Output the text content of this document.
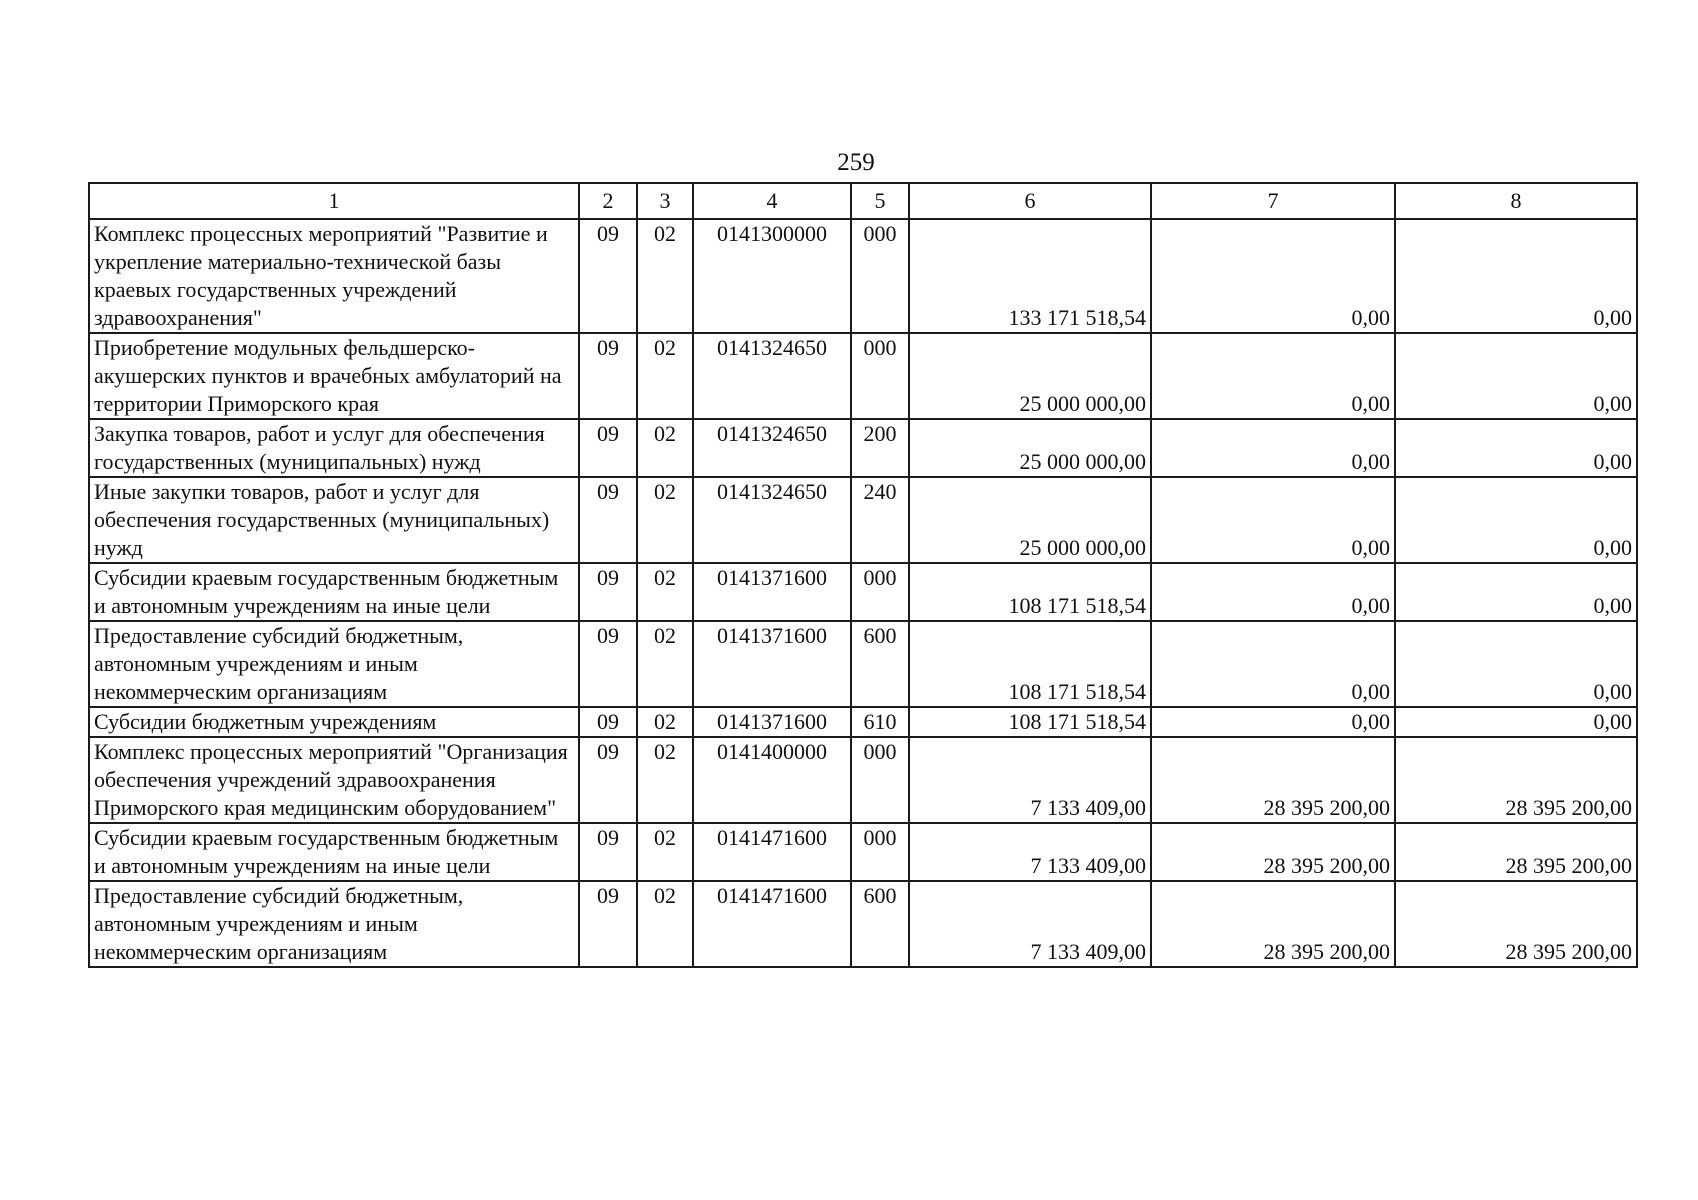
259
1	2	3	4	5	6	7	8
Комплекс процессных мероприятий "Развитие и укрепление материально-технической базы краевых государственных учреждений здравоохранения"	09	02	0141300000	000	133 171 518,54	0,00	0,00
Приобретение модульных фельдшерско-акушерских пунктов и врачебных амбулаторий на территории Приморского края	09	02	0141324650	000	25 000 000,00	0,00	0,00
Закупка товаров, работ и услуг для обеспечения государственных (муниципальных) нужд	09	02	0141324650	200	25 000 000,00	0,00	0,00
Иные закупки товаров, работ и услуг для обеспечения государственных (муниципальных) нужд	09	02	0141324650	240	25 000 000,00	0,00	0,00
Субсидии краевым государственным бюджетным и автономным учреждениям на иные цели	09	02	0141371600	000	108 171 518,54	0,00	0,00
Предоставление субсидий бюджетным, автономным учреждениям и иным некоммерческим организациям	09	02	0141371600	600	108 171 518,54	0,00	0,00
Субсидии бюджетным учреждениям	09	02	0141371600	610	108 171 518,54	0,00	0,00
Комплекс процессных мероприятий "Организация обеспечения учреждений здравоохранения Приморского края медицинским оборудованием"	09	02	0141400000	000	7 133 409,00	28 395 200,00	28 395 200,00
Субсидии краевым государственным бюджетным и автономным учреждениям на иные цели	09	02	0141471600	000	7 133 409,00	28 395 200,00	28 395 200,00
Предоставление субсидий бюджетным, автономным учреждениям и иным некоммерческим организациям	09	02	0141471600	600	7 133 409,00	28 395 200,00	28 395 200,00
